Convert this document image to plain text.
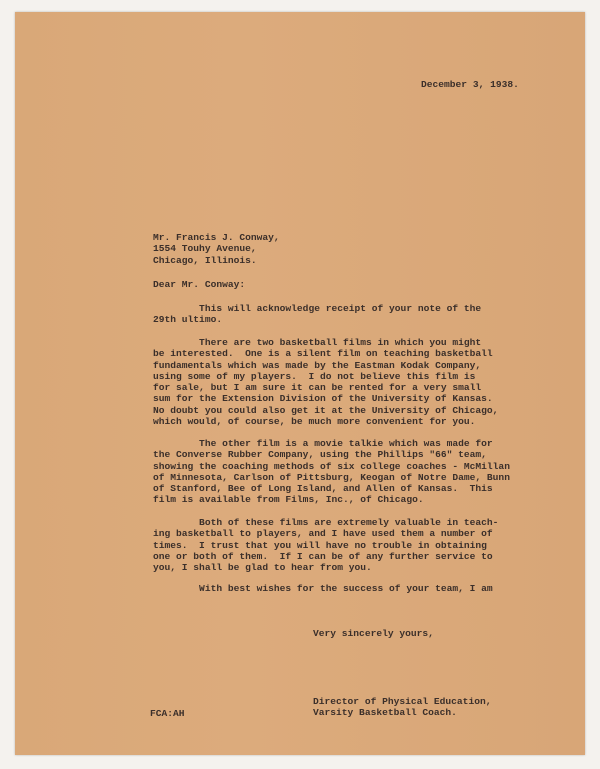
December 3, 1938.
Mr. Francis J. Conway,
1554 Touhy Avenue,
Chicago, Illinois.
Dear Mr. Conway:
This will acknowledge receipt of your note of the
29th ultimo.
There are two basketball films in which you might
be interested.  One is a silent film on teaching basketball
fundamentals which was made by the Eastman Kodak Company,
using some of my players.  I do not believe this film is
for sale, but I am sure it can be rented for a very small
sum for the Extension Division of the University of Kansas.
No doubt you could also get it at the University of Chicago,
which would, of course, be much more convenient for you.
The other film is a movie talkie which was made for
the Converse Rubber Company, using the Phillips "66" team,
showing the coaching methods of six college coaches - McMillan
of Minnesota, Carlson of Pittsburg, Keogan of Notre Dame, Bunn
of Stanford, Bee of Long Island, and Allen of Kansas.  This
film is available from Films, Inc., of Chicago.
Both of these films are extremely valuable in teach-
ing basketball to players, and I have used them a number of
times.  I trust that you will have no trouble in obtaining
one or both of them.  If I can be of any further service to
you, I shall be glad to hear from you.
With best wishes for the success of your team, I am
Very sincerely yours,
Director of Physical Education,
Varsity Basketball Coach.
FCA:AH
